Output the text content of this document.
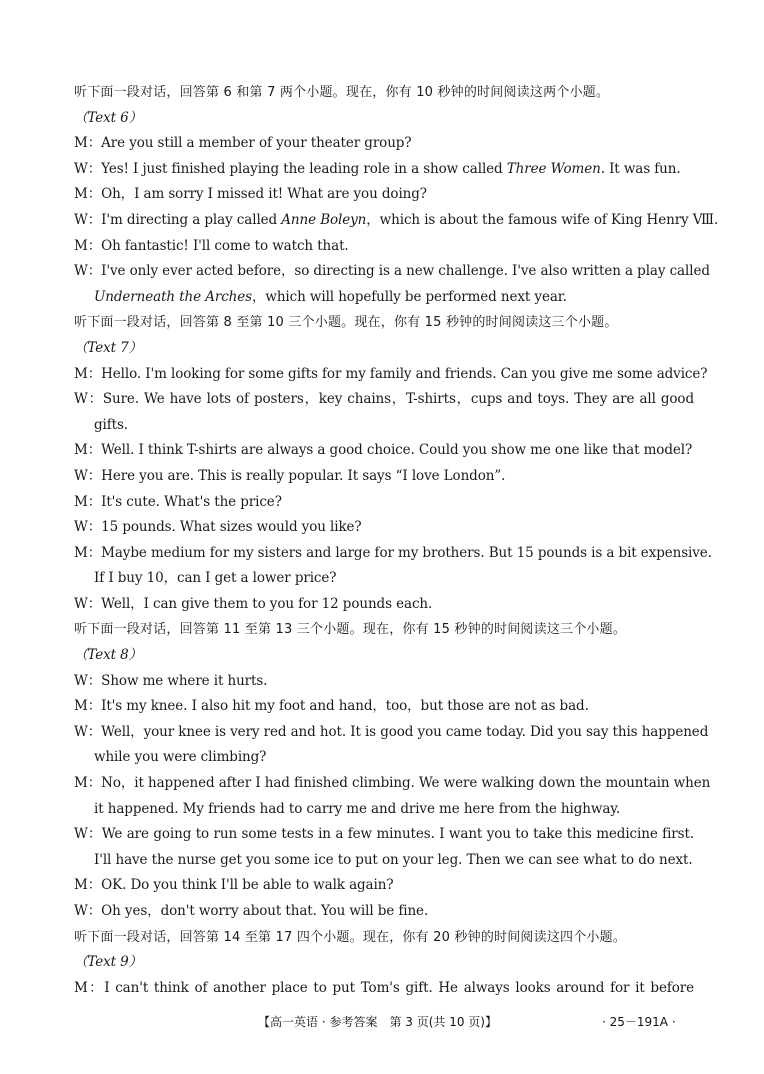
听下面一段对话，回答第 6 和第 7 两个小题。现在，你有 10 秒钟的时间阅读这两个小题。
（Text 6）
M：Are you still a member of your theater group?
W：Yes! I just finished playing the leading role in a show called Three Women. It was fun.
M：Oh，I am sorry I missed it! What are you doing?
W：I'm directing a play called Anne Boleyn，which is about the famous wife of King Henry Ⅷ.
M：Oh fantastic! I'll come to watch that.
W：I've only ever acted before，so directing is a new challenge. I've also written a play called
Underneath the Arches，which will hopefully be performed next year.
听下面一段对话，回答第 8 至第 10 三个小题。现在，你有 15 秒钟的时间阅读这三个小题。
（Text 7）
M：Hello. I'm looking for some gifts for my family and friends. Can you give me some advice?
W：Sure. We have lots of posters，key chains，T-shirts，cups and toys. They are all good
gifts.
M：Well. I think T-shirts are always a good choice. Could you show me one like that model?
W：Here you are. This is really popular. It says “I love London”.
M：It's cute. What's the price?
W：15 pounds. What sizes would you like?
M：Maybe medium for my sisters and large for my brothers. But 15 pounds is a bit expensive.
If I buy 10，can I get a lower price?
W：Well，I can give them to you for 12 pounds each.
听下面一段对话，回答第 11 至第 13 三个小题。现在，你有 15 秒钟的时间阅读这三个小题。
（Text 8）
W：Show me where it hurts.
M：It's my knee. I also hit my foot and hand，too，but those are not as bad.
W：Well，your knee is very red and hot. It is good you came today. Did you say this happened
while you were climbing?
M：No，it happened after I had finished climbing. We were walking down the mountain when
it happened. My friends had to carry me and drive me here from the highway.
W：We are going to run some tests in a few minutes. I want you to take this medicine first.
I'll have the nurse get you some ice to put on your leg. Then we can see what to do next.
M：OK. Do you think I'll be able to walk again?
W：Oh yes，don't worry about that. You will be fine.
听下面一段对话，回答第 14 至第 17 四个小题。现在，你有 20 秒钟的时间阅读这四个小题。
（Text 9）
M：I can't think of another place to put Tom's gift. He always looks around for it before
【高一英语 · 参考答案　第 3 页(共 10 页)】	· 25－191A ·
